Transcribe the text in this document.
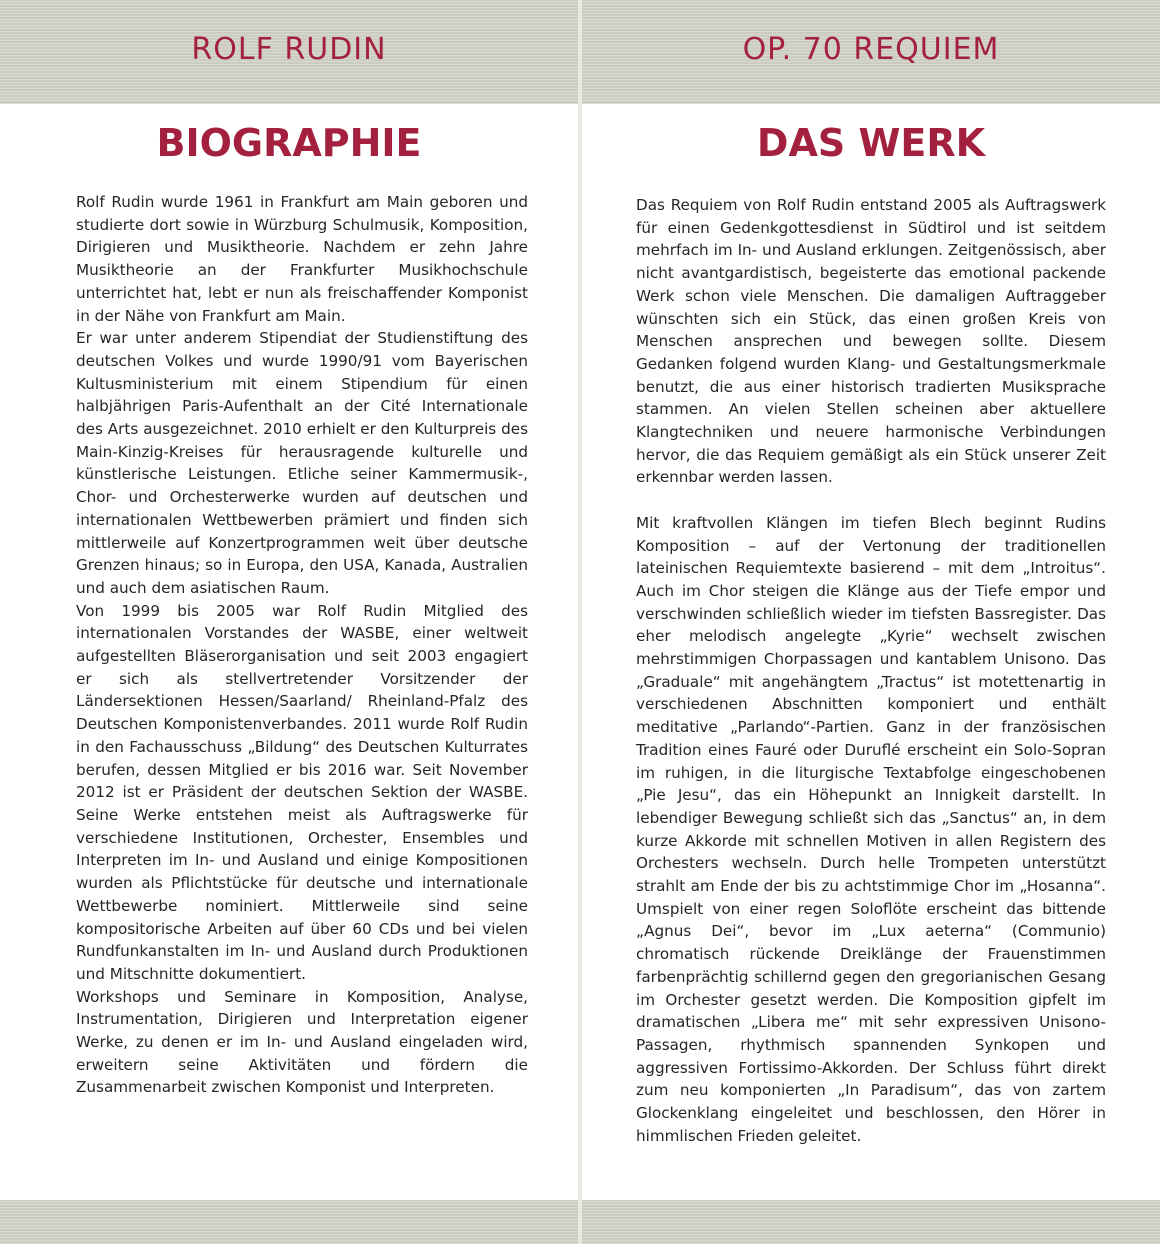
ROLF RUDIN
BIOGRAPHIE

Rolf Rudin wurde 1961 in Frankfurt am Main geboren und studierte dort sowie in Würzburg Schulmusik, Komposition, Dirigieren und Musiktheorie. Nachdem er zehn Jahre Musiktheorie an der Frankfurter Musikhochschule unterrichtet hat, lebt er nun als freischaffender Komponist in der Nähe von Frankfurt am Main.

Er war unter anderem Stipendiat der Studienstiftung des deutschen Volkes und wurde 1990/91 vom Bayerischen Kultusministerium mit einem Stipendium für einen halbjährigen Paris-Aufenthalt an der Cité Internationale des Arts ausgezeichnet. 2010 erhielt er den Kulturpreis des Main-Kinzig-Kreises für herausragende kulturelle und künstlerische Leistungen. Etliche seiner Kammermusik-, Chor- und Orchesterwerke wurden auf deutschen und internationalen Wettbewerben prämiert und finden sich mittlerweile auf Konzertprogrammen weit über deutsche Grenzen hinaus; so in Europa, den USA, Kanada, Australien und auch dem asiatischen Raum.

Von 1999 bis 2005 war Rolf Rudin Mitglied des internationalen Vorstandes der WASBE, einer weltweit aufgestellten Bläserorganisation und seit 2003 engagiert er sich als stellvertretender Vorsitzender der Ländersektionen Hessen/Saarland/ Rheinland-Pfalz des Deutschen Komponistenverbandes. 2011 wurde Rolf Rudin in den Fachausschuss „Bildung“ des Deutschen Kulturrates berufen, dessen Mitglied er bis 2016 war. Seit November 2012 ist er Präsident der deutschen Sektion der WASBE. Seine Werke entstehen meist als Auftragswerke für verschiedene Institutionen, Orchester, Ensembles und Interpreten im In- und Ausland und einige Kompositionen wurden als Pflichtstücke für deutsche und internationale Wettbewerbe nominiert. Mittlerweile sind seine kompositorische Arbeiten auf über 60 CDs und bei vielen Rundfunkanstalten im In- und Ausland durch Produktionen und Mitschnitte dokumentiert.

Workshops und Seminare in Komposition, Analyse, Instrumentation, Dirigieren und Interpretation eigener Werke, zu denen er im In- und Ausland eingeladen wird, erweitern seine Aktivitäten und fördern die Zusammenarbeit zwischen Komponist und Interpreten.

OP. 70 REQUIEM
DAS WERK

Das Requiem von Rolf Rudin entstand 2005 als Auftragswerk für einen Gedenkgottesdienst in Südtirol und ist seitdem mehrfach im In- und Ausland erklungen. Zeitgenössisch, aber nicht avantgardistisch, begeisterte das emotional packende Werk schon viele Menschen. Die damaligen Auftraggeber wünschten sich ein Stück, das einen großen Kreis von Menschen ansprechen und bewegen sollte. Diesem Gedanken folgend wurden Klang- und Gestaltungsmerkmale benutzt, die aus einer historisch tradierten Musiksprache stammen. An vielen Stellen scheinen aber aktuellere Klangtechniken und neuere harmonische Verbindungen hervor, die das Requiem gemäßigt als ein Stück unserer Zeit erkennbar werden lassen.

Mit kraftvollen Klängen im tiefen Blech beginnt Rudins Komposition – auf der Vertonung der traditionellen lateinischen Requiemtexte basierend – mit dem „Introitus“. Auch im Chor steigen die Klänge aus der Tiefe empor und verschwinden schließlich wieder im tiefsten Bassregister. Das eher melodisch angelegte „Kyrie“ wechselt zwischen mehrstimmigen Chorpassagen und kantablem Unisono. Das „Graduale“ mit angehängtem „Tractus“ ist motettenartig in verschiedenen Abschnitten komponiert und enthält meditative „Parlando“-Partien. Ganz in der französischen Tradition eines Fauré oder Duruflé erscheint ein Solo-Sopran im ruhigen, in die liturgische Textabfolge eingeschobenen „Pie Jesu“, das ein Höhepunkt an Innigkeit darstellt. In lebendiger Bewegung schließt sich das „Sanctus“ an, in dem kurze Akkorde mit schnellen Motiven in allen Registern des Orchesters wechseln. Durch helle Trompeten unterstützt strahlt am Ende der bis zu achtstimmige Chor im „Hosanna“. Umspielt von einer regen Soloflöte erscheint das bittende „Agnus Dei“, bevor im „Lux aeterna“ (Communio) chromatisch rückende Dreiklänge der Frauenstimmen farbenprächtig schillernd gegen den gregorianischen Gesang im Orchester gesetzt werden. Die Komposition gipfelt im dramatischen „Libera me“ mit sehr expressiven Unisono-Passagen, rhythmisch spannenden Synkopen und aggressiven Fortissimo-Akkorden. Der Schluss führt direkt zum neu komponierten „In Paradisum“, das von zartem Glockenklang eingeleitet und beschlossen, den Hörer in himmlischen Frieden geleitet.
